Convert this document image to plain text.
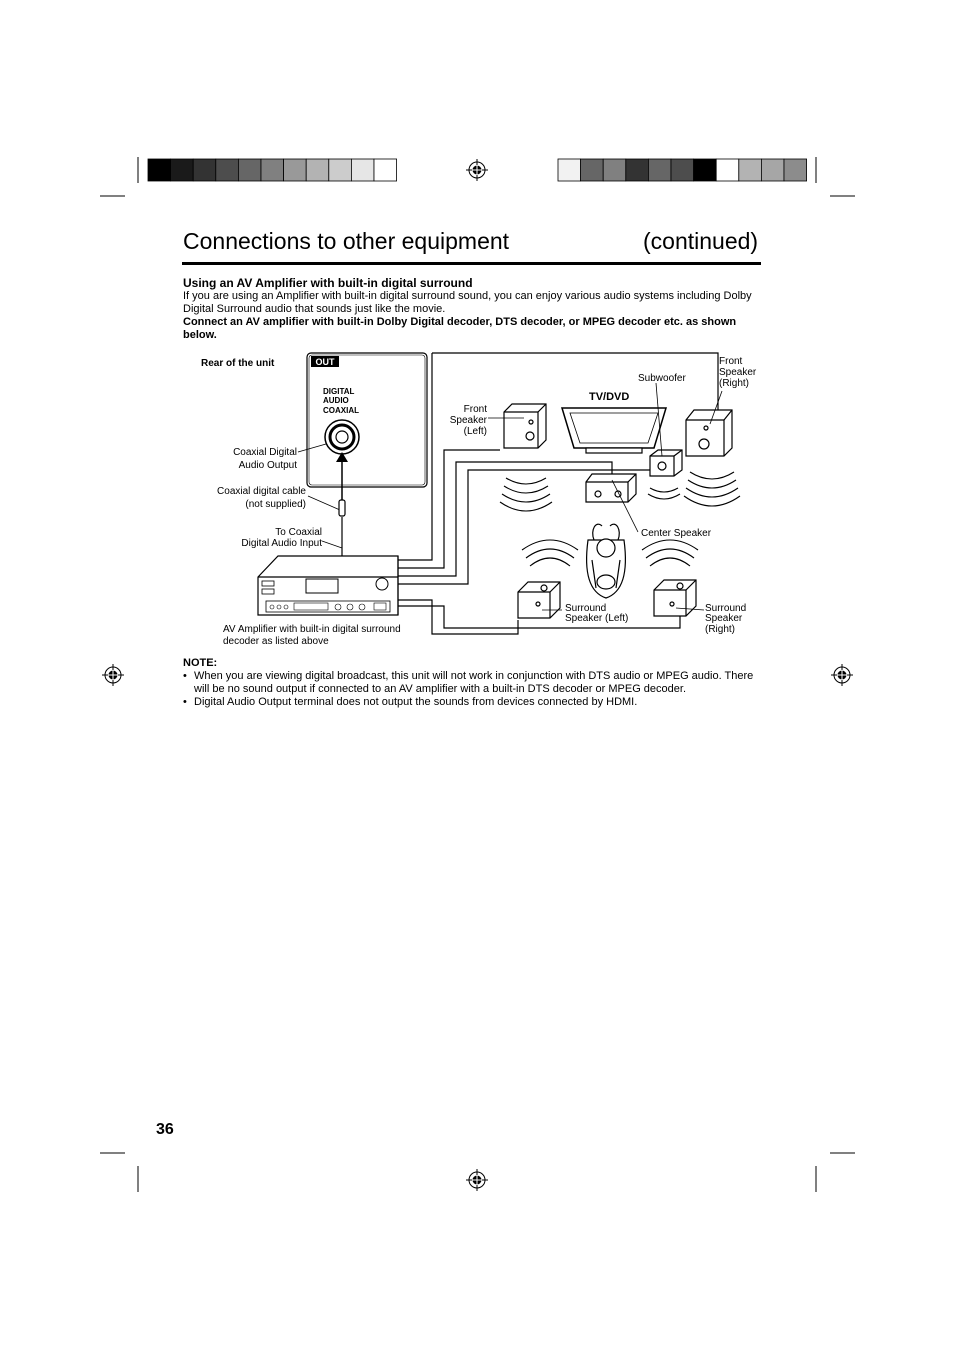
Connections to other equipment	(continued)
Using an AV Amplifier with built-in digital surround
If you are using an Amplifier with built-in digital surround sound, you can enjoy various audio systems including Dolby Digital Surround audio that sounds just like the movie.
Connect an AV amplifier with built-in Dolby Digital decoder, DTS decoder, or MPEG decoder etc. as shown below.
OUT
DIGITAL
AUDIO
COAXIAL
Rear of the unit
Coaxial Digital
Audio Output
Coaxial digital cable
(not supplied)
To Coaxial
Digital Audio Input
AV Amplifier with built-in digital surround
decoder as listed above
Front
Speaker
(Left)
TV/DVD
Subwoofer
Front
Speaker
(Right)
Center Speaker
Surround
Speaker (Left)
Surround
Speaker
(Right)
NOTE:
• When you are viewing digital broadcast, this unit will not work in conjunction with DTS audio or MPEG audio. There will be no sound output if connected to an AV amplifier with a built-in DTS decoder or MPEG decoder.
• Digital Audio Output terminal does not output the sounds from devices connected by HDMI.
36
